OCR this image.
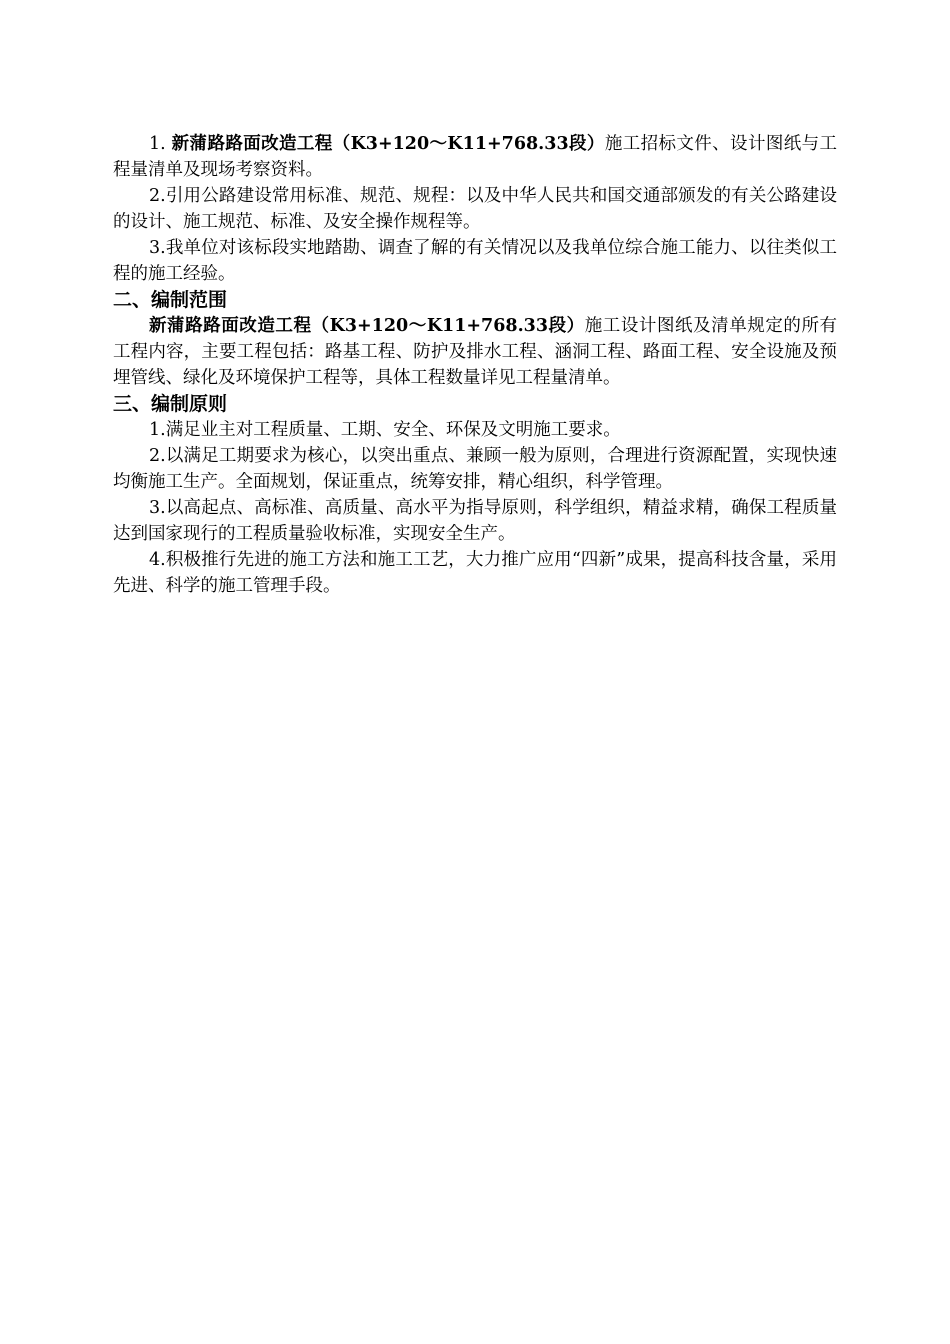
1. 新蒲路路面改造工程（K3+120～K11+768.33段）施工招标文件、设计图纸与工程量清单及现场考察资料。

2.引用公路建设常用标准、规范、规程：以及中华人民共和国交通部颁发的有关公路建设的设计、施工规范、标准、及安全操作规程等。

3.我单位对该标段实地踏勘、调查了解的有关情况以及我单位综合施工能力、以往类似工程的施工经验。

二、编制范围

新蒲路路面改造工程（K3+120～K11+768.33段）施工设计图纸及清单规定的所有工程内容，主要工程包括：路基工程、防护及排水工程、涵洞工程、路面工程、安全设施及预埋管线、绿化及环境保护工程等，具体工程数量详见工程量清单。

三、编制原则

1.满足业主对工程质量、工期、安全、环保及文明施工要求。

2.以满足工期要求为核心，以突出重点、兼顾一般为原则，合理进行资源配置，实现快速均衡施工生产。全面规划，保证重点，统筹安排，精心组织，科学管理。

3.以高起点、高标准、高质量、高水平为指导原则，科学组织，精益求精，确保工程质量达到国家现行的工程质量验收标准，实现安全生产。

4.积极推行先进的施工方法和施工工艺，大力推广应用“四新”成果，提高科技含量，采用先进、科学的施工管理手段。
